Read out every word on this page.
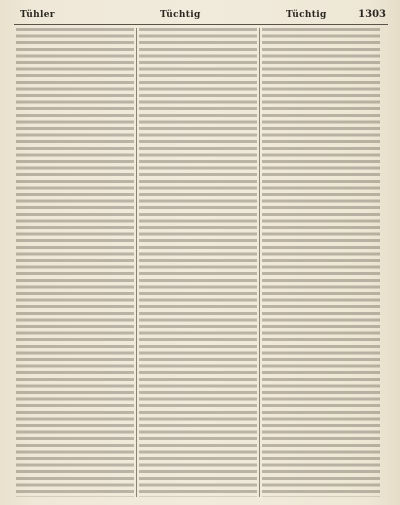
Tühler	Tüchtig	Tüchtig	1303
